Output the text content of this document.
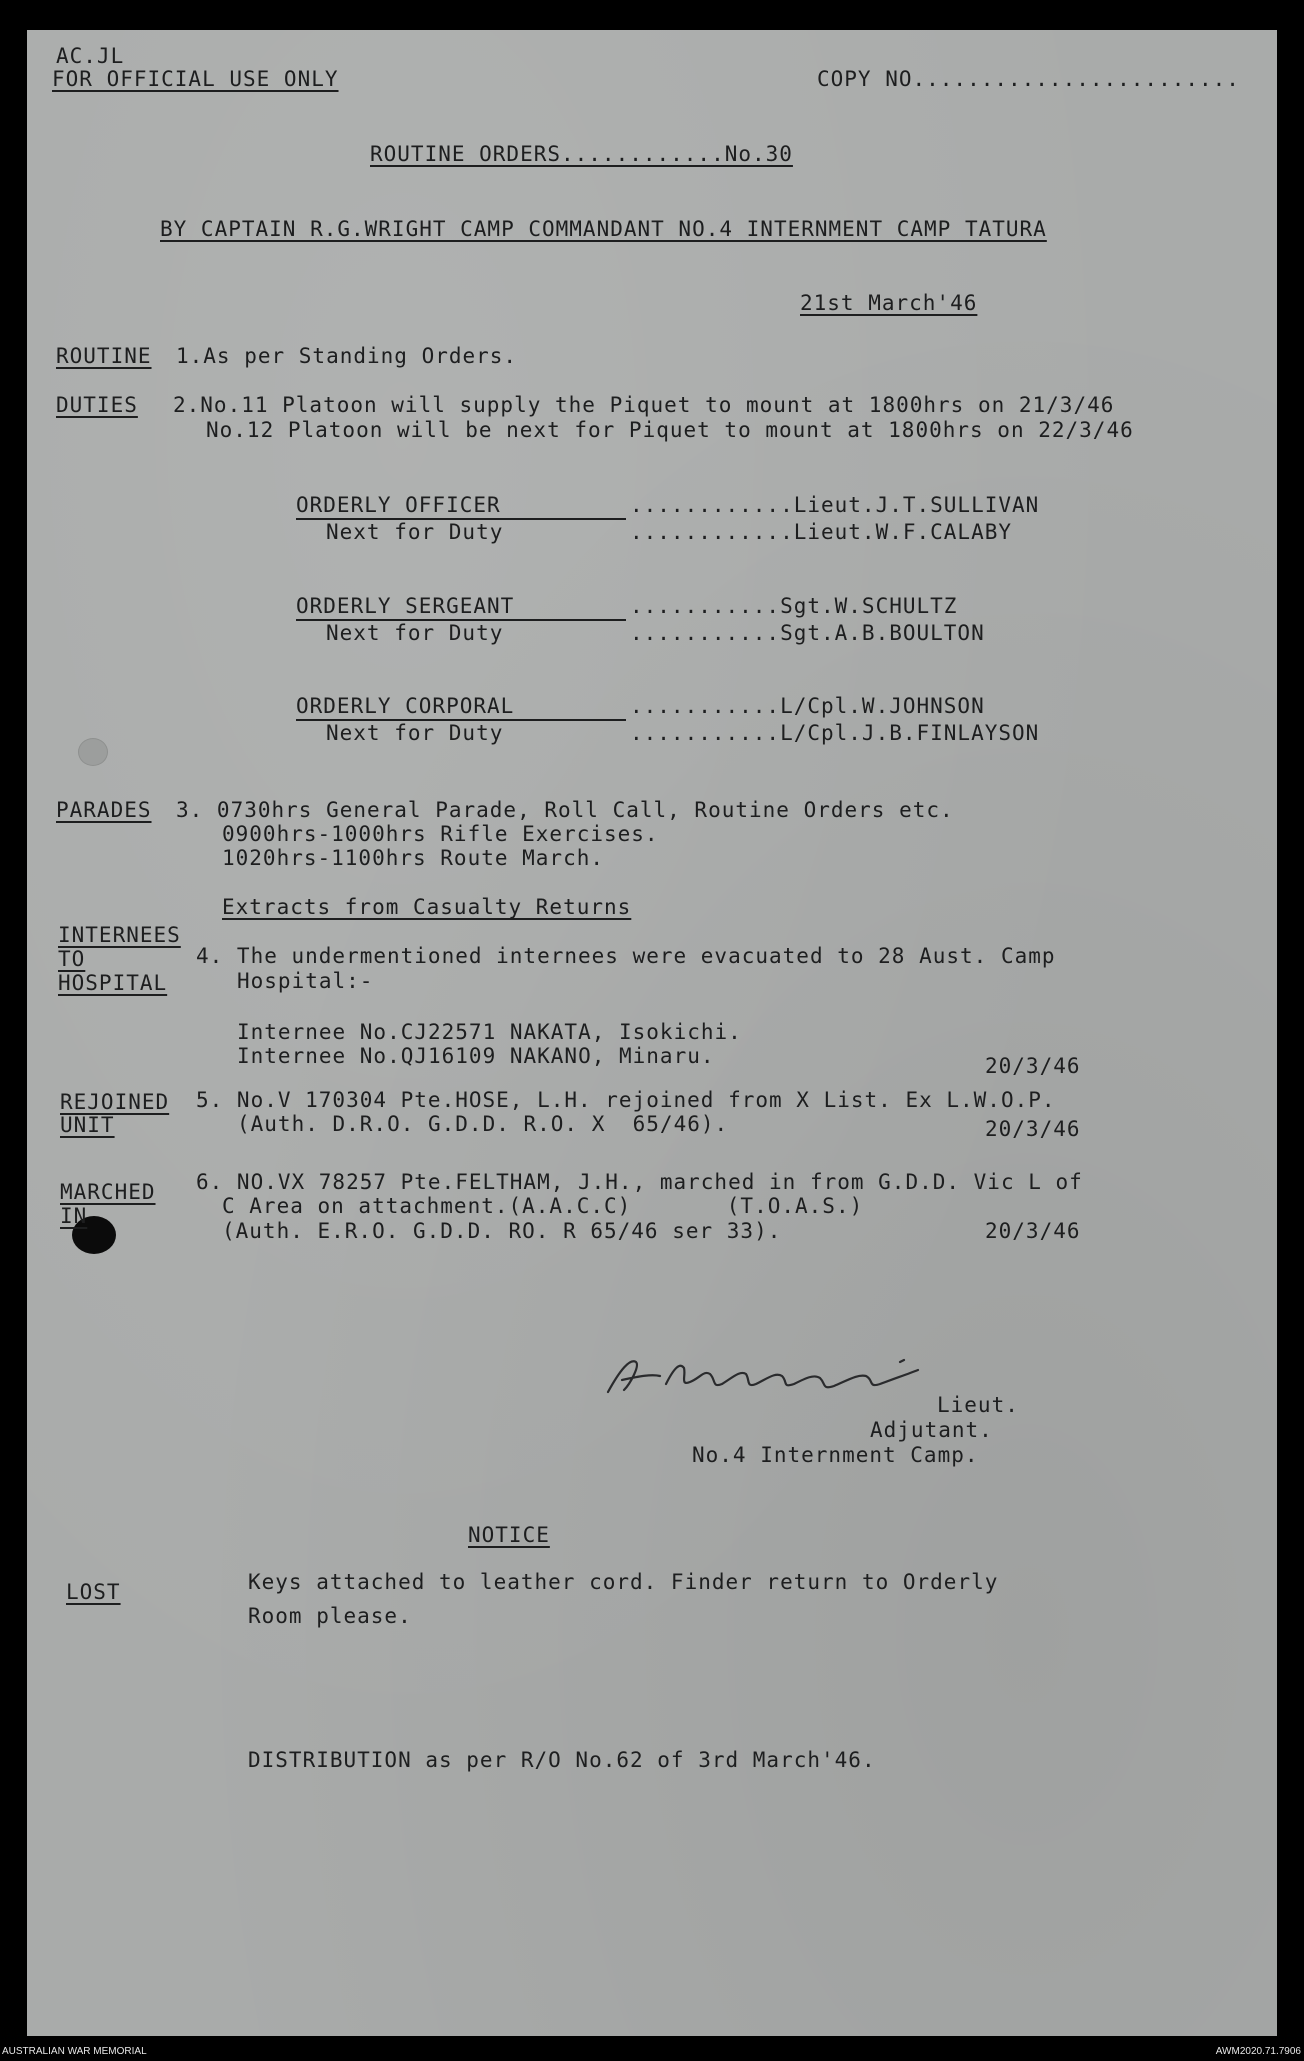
AC.JL
FOR OFFICIAL USE ONLY	COPY NO........................
ROUTINE ORDERS............No.30
BY CAPTAIN R.G.WRIGHT CAMP COMMANDANT NO.4 INTERNMENT CAMP TATURA
21st March'46
ROUTINE 1.As per Standing Orders.
DUTIES 2.No.11 Platoon will supply the Piquet to mount at 1800hrs on 21/3/46
No.12 Platoon will be next for Piquet to mount at 1800hrs on 22/3/46
ORDERLY OFFICER	............Lieut.J.T.SULLIVAN
Next for Duty	............Lieut.W.F.CALABY
ORDERLY SERGEANT	...........Sgt.W.SCHULTZ
Next for Duty	...........Sgt.A.B.BOULTON
ORDERLY CORPORAL	...........L/Cpl.W.JOHNSON
Next for Duty	...........L/Cpl.J.B.FINLAYSON
PARADES 3. 0730hrs General Parade, Roll Call, Routine Orders etc.
0900hrs-1000hrs Rifle Exercises.
1020hrs-1100hrs Route March.
Extracts from Casualty Returns
INTERNEES
TO
HOSPITAL
4. The undermentioned internees were evacuated to 28 Aust. Camp
Hospital:-
Internee No.CJ22571 NAKATA, Isokichi.
Internee No.QJ16109 NAKANO, Minaru.	20/3/46
REJOINED
UNIT
5. No.V 170304 Pte.HOSE, L.H. rejoined from X List. Ex L.W.O.P.
(Auth. D.R.O. G.D.D. R.O. X  65/46).	20/3/46
MARCHED
IN
6. NO.VX 78257 Pte.FELTHAM, J.H., marched in from G.D.D. Vic L of
C Area on attachment.(A.A.C.C)       (T.O.A.S.)
(Auth. E.R.O. G.D.D. RO. R 65/46 ser 33).	20/3/46
Lieut.
Adjutant.
No.4 Internment Camp.
NOTICE
LOST	Keys attached to leather cord. Finder return to Orderly
Room please.
DISTRIBUTION as per R/O No.62 of 3rd March'46.
AUSTRALIAN WAR MEMORIAL	AWM2020.71.7906
